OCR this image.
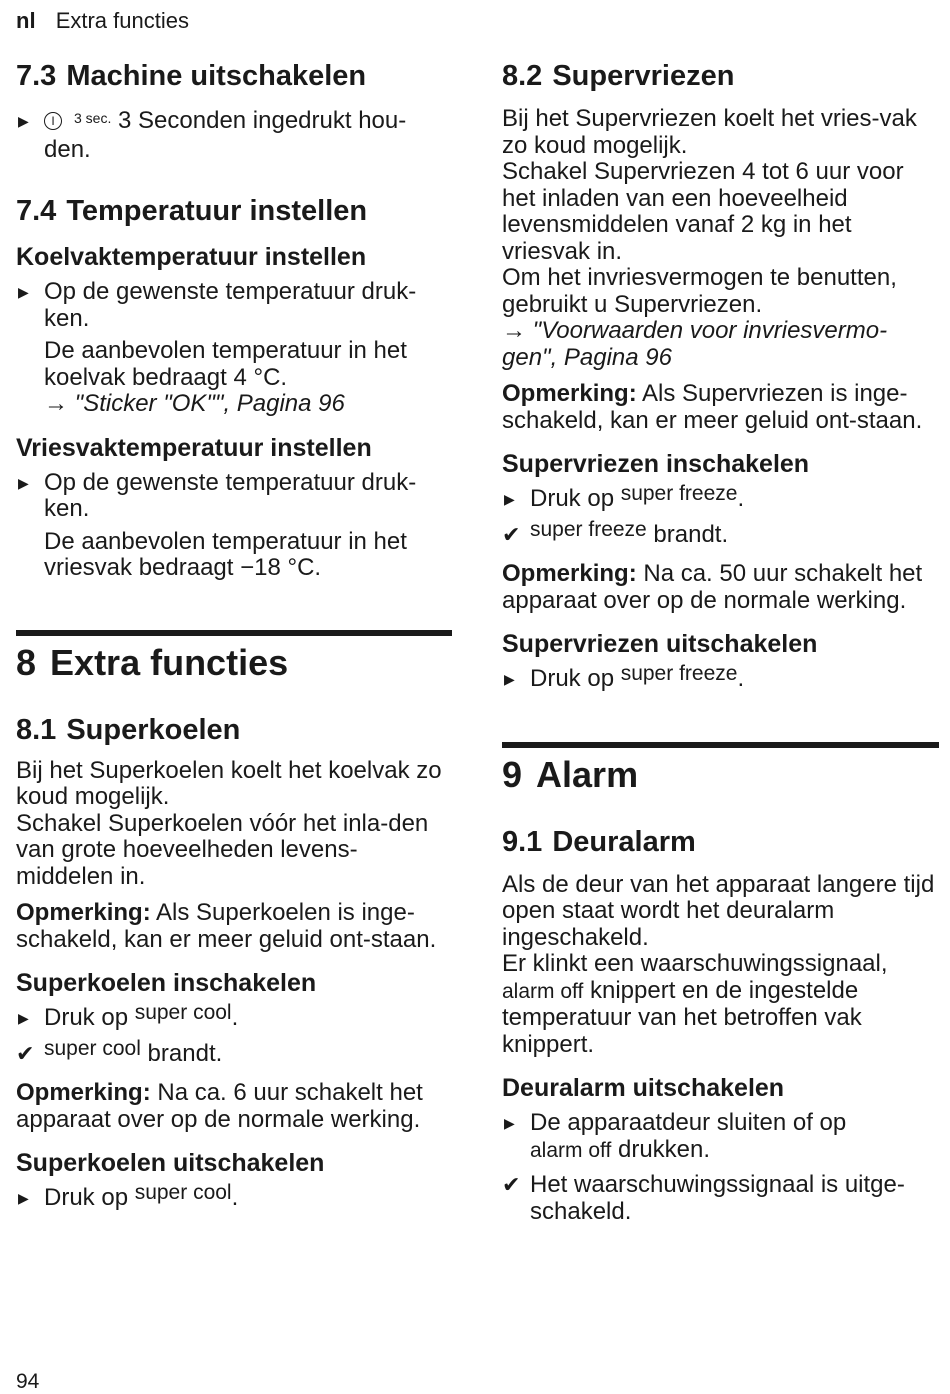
nl Extra functies
7.3 Machine uitschakelen
▶ I $^{3 sec.}$ 3 Seconden ingedrukt hou-den.
7.4 Temperatuur instellen
Koelvaktemperatuur instellen
▶ Op de gewenste temperatuur druk-ken.

De aanbevolen temperatuur in het koelvak bedraagt 4 °C.

→ "Sticker "OK"", Pagina 96

Vriesvaktemperatuur instellen
▶ Op de gewenste temperatuur druk-ken.

De aanbevolen temperatuur in het vriesvak bedraagt −18 °C.

8 Extra functies
8.1 Superkoelen

Bij het Superkoelen koelt het koelvak zo koud mogelijk.

Schakel Superkoelen vóór het inla-den van grote hoeveelheden levens-middelen in.

Opmerking: Als Superkoelen is inge-schakeld, kan er meer geluid ont-staan.

Superkoelen inschakelen
▶ Druk op super cool.
✔ super cool brandt.

Opmerking: Na ca. 6 uur schakelt het apparaat over op de normale werking.

Superkoelen uitschakelen
▶ Druk op super cool.
8.2 Supervriezen

Bij het Supervriezen koelt het vries-vak zo koud mogelijk.

Schakel Supervriezen 4 tot 6 uur voor het inladen van een hoeveelheid levensmiddelen vanaf 2 kg in het vriesvak in.

Om het invriesvermogen te benutten, gebruikt u Supervriezen.

→ "Voorwaarden voor invriesvermo-gen", Pagina 96

Opmerking: Als Supervriezen is inge-schakeld, kan er meer geluid ont-staan.

Supervriezen inschakelen
▶ Druk op super freeze.
✔ super freeze brandt.

Opmerking: Na ca. 50 uur schakelt het apparaat over op de normale werking.

Supervriezen uitschakelen
▶ Druk op super freeze.
9 Alarm
9.1 Deuralarm

Als de deur van het apparaat langere tijd open staat wordt het deuralarm ingeschakeld.

Er klinkt een waarschuwingssignaal,
alarm off knippert en de ingestelde temperatuur van het betroffen vak knippert.

Deuralarm uitschakelen
▶ De apparaatdeur sluiten of op
alarm off drukken.
✔ Het waarschuwingssignaal is uitge-schakeld.
94
